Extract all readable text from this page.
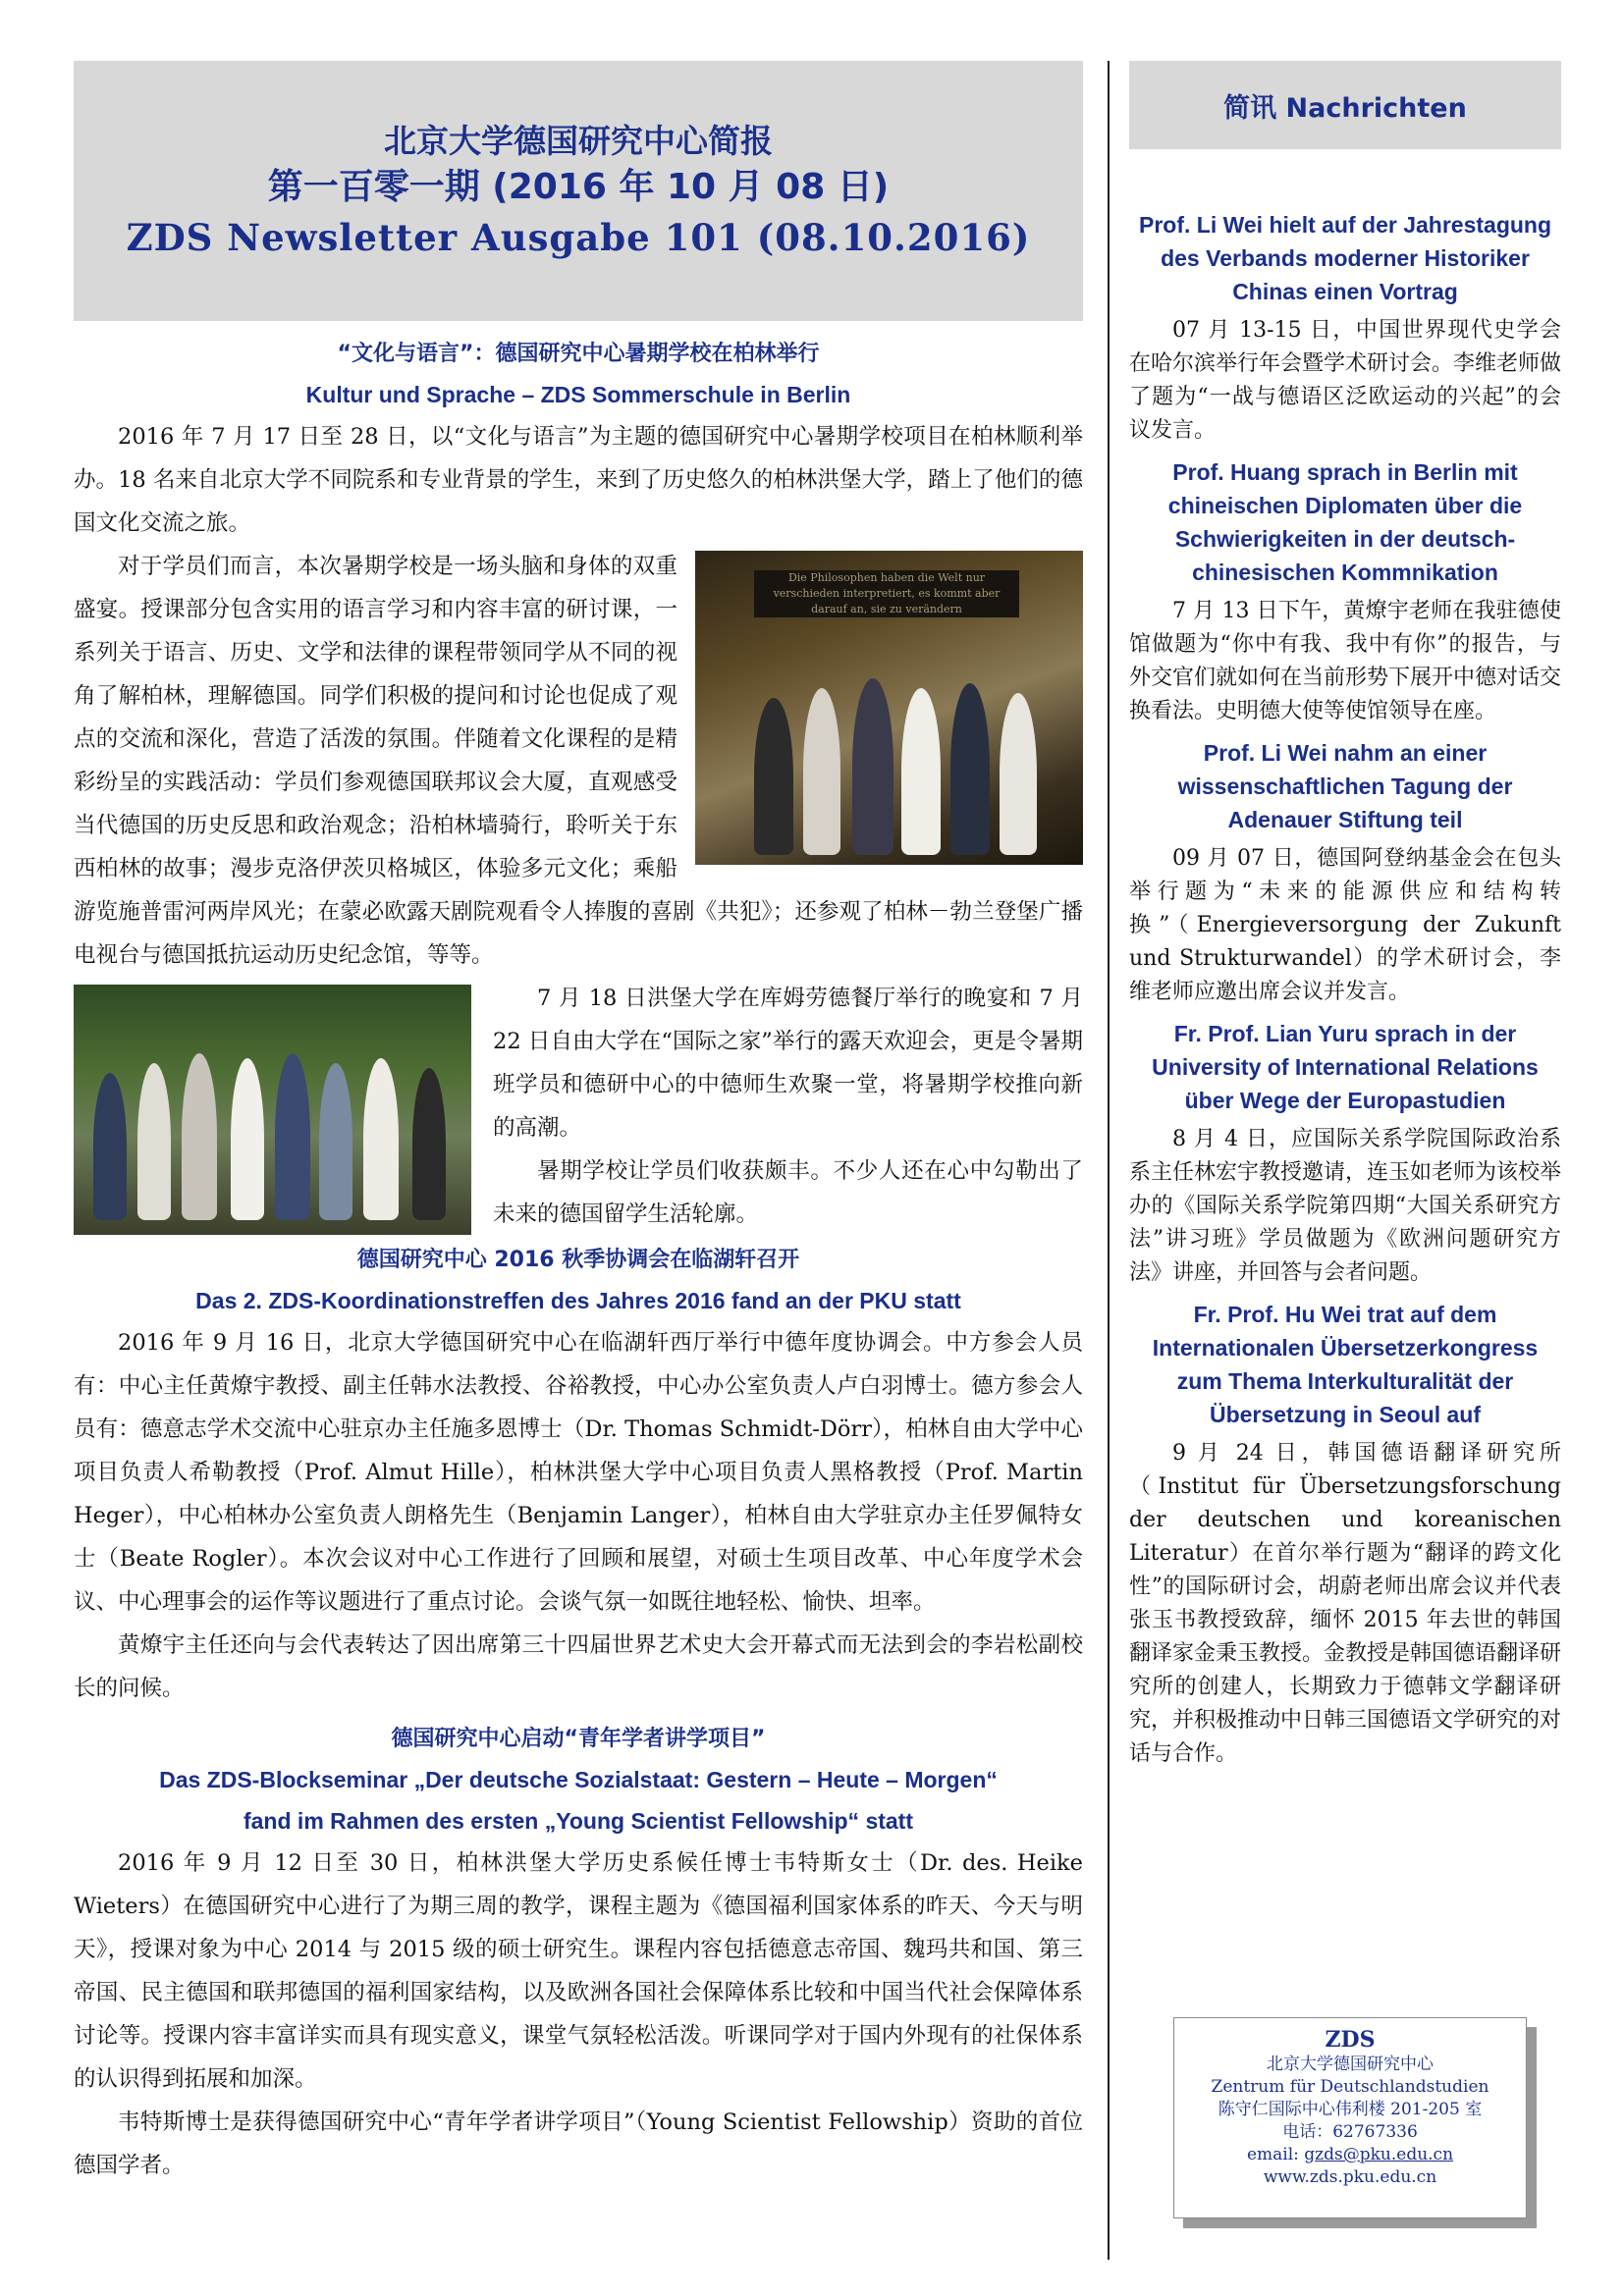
北京大学德国研究中心简报
第一百零一期 (2016 年 10 月 08 日)
ZDS Newsletter Ausgabe 101 (08.10.2016)
“文化与语言”：德国研究中心暑期学校在柏林举行
Kultur und Sprache – ZDS Sommerschule in Berlin

2016 年 7 月 17 日至 28 日，以“文化与语言”为主题的德国研究中心暑期学校项目在柏林顺利举办。18 名来自北京大学不同院系和专业背景的学生，来到了历史悠久的柏林洪堡大学，踏上了他们的德国文化交流之旅。

Die Philosophen haben die Welt nur verschieden interpretiert, es kommt aber darauf an, sie zu verändern

对于学员们而言，本次暑期学校是一场头脑和身体的双重盛宴。授课部分包含实用的语言学习和内容丰富的研讨课，一系列关于语言、历史、文学和法律的课程带领同学从不同的视角了解柏林，理解德国。同学们积极的提问和讨论也促成了观点的交流和深化，营造了活泼的氛围。伴随着文化课程的是精彩纷呈的实践活动：学员们参观德国联邦议会大厦，直观感受当代德国的历史反思和政治观念；沿柏林墙骑行，聆听关于东西柏林的故事；漫步克洛伊茨贝格城区，体验多元文化；乘船游览施普雷河两岸风光；在蒙必欧露天剧院观看令人捧腹的喜剧《共犯》；还参观了柏林－勃兰登堡广播电视台与德国抵抗运动历史纪念馆，等等。

7 月 18 日洪堡大学在库姆劳德餐厅举行的晚宴和 7 月 22 日自由大学在“国际之家”举行的露天欢迎会，更是令暑期班学员和德研中心的中德师生欢聚一堂，将暑期学校推向新的高潮。

暑期学校让学员们收获颇丰。不少人还在心中勾勒出了未来的德国留学生活轮廓。

德国研究中心 2016 秋季协调会在临湖轩召开
Das 2. ZDS-Koordinationstreffen des Jahres 2016 fand an der PKU statt

2016 年 9 月 16 日，北京大学德国研究中心在临湖轩西厅举行中德年度协调会。中方参会人员有：中心主任黄燎宇教授、副主任韩水法教授、谷裕教授，中心办公室负责人卢白羽博士。德方参会人员有：德意志学术交流中心驻京办主任施多恩博士（Dr. Thomas Schmidt-Dörr），柏林自由大学中心项目负责人希勒教授（Prof. Almut Hille），柏林洪堡大学中心项目负责人黑格教授（Prof. Martin Heger），中心柏林办公室负责人朗格先生（Benjamin Langer），柏林自由大学驻京办主任罗佩特女士（Beate Rogler）。本次会议对中心工作进行了回顾和展望，对硕士生项目改革、中心年度学术会议、中心理事会的运作等议题进行了重点讨论。会谈气氛一如既往地轻松、愉快、坦率。

黄燎宇主任还向与会代表转达了因出席第三十四届世界艺术史大会开幕式而无法到会的李岩松副校长的问候。

德国研究中心启动“青年学者讲学项目”
Das ZDS-Blockseminar „Der deutsche Sozialstaat: Gestern – Heute – Morgen“
fand im Rahmen des ersten „Young Scientist Fellowship“ statt

2016 年 9 月 12 日至 30 日，柏林洪堡大学历史系候任博士韦特斯女士（Dr. des. Heike Wieters）在德国研究中心进行了为期三周的教学，课程主题为《德国福利国家体系的昨天、今天与明天》，授课对象为中心 2014 与 2015 级的硕士研究生。课程内容包括德意志帝国、魏玛共和国、第三帝国、民主德国和联邦德国的福利国家结构，以及欧洲各国社会保障体系比较和中国当代社会保障体系讨论等。授课内容丰富详实而具有现实意义，课堂气氛轻松活泼。听课同学对于国内外现有的社保体系的认识得到拓展和加深。

韦特斯博士是获得德国研究中心“青年学者讲学项目”（Young Scientist Fellowship）资助的首位德国学者。

简讯 Nachrichten
Prof. Li Wei hielt auf der Jahrestagung des Verbands moderner Historiker Chinas einen Vortrag

07 月 13-15 日，中国世界现代史学会在哈尔滨举行年会暨学术研讨会。李维老师做了题为“一战与德语区泛欧运动的兴起”的会议发言。

Prof. Huang sprach in Berlin mit chineischen Diplomaten über die Schwierigkeiten in der deutsch-chinesischen Kommnikation

7 月 13 日下午，黄燎宇老师在我驻德使馆做题为“你中有我、我中有你”的报告，与外交官们就如何在当前形势下展开中德对话交换看法。史明德大使等使馆领导在座。

Prof. Li Wei nahm an einer wissenschaftlichen Tagung der Adenauer Stiftung teil

09 月 07 日，德国阿登纳基金会在包头举行题为“未来的能源供应和结构转换”（Energieversorgung der Zukunft und Strukturwandel）的学术研讨会，李维老师应邀出席会议并发言。

Fr. Prof. Lian Yuru sprach in der University of International Relations über Wege der Europastudien

8 月 4 日，应国际关系学院国际政治系系主任林宏宇教授邀请，连玉如老师为该校举办的《国际关系学院第四期“大国关系研究方法”讲习班》学员做题为《欧洲问题研究方法》讲座，并回答与会者问题。

Fr. Prof. Hu Wei trat auf dem Internationalen Übersetzerkongress zum Thema Interkulturalität der Übersetzung in Seoul auf

9 月 24 日，韩国德语翻译研究所（Institut für Übersetzungsforschung der deutschen und koreanischen Literatur）在首尔举行题为“翻译的跨文化性”的国际研讨会，胡蔚老师出席会议并代表张玉书教授致辞，缅怀 2015 年去世的韩国翻译家金秉玉教授。金教授是韩国德语翻译研究所的创建人，长期致力于德韩文学翻译研究，并积极推动中日韩三国德语文学研究的对话与合作。

ZDS
北京大学德国研究中心
Zentrum für Deutschlandstudien
陈守仁国际中心伟利楼 201-205 室
电话：62767336
email: gzds@pku.edu.cn
www.zds.pku.edu.cn
